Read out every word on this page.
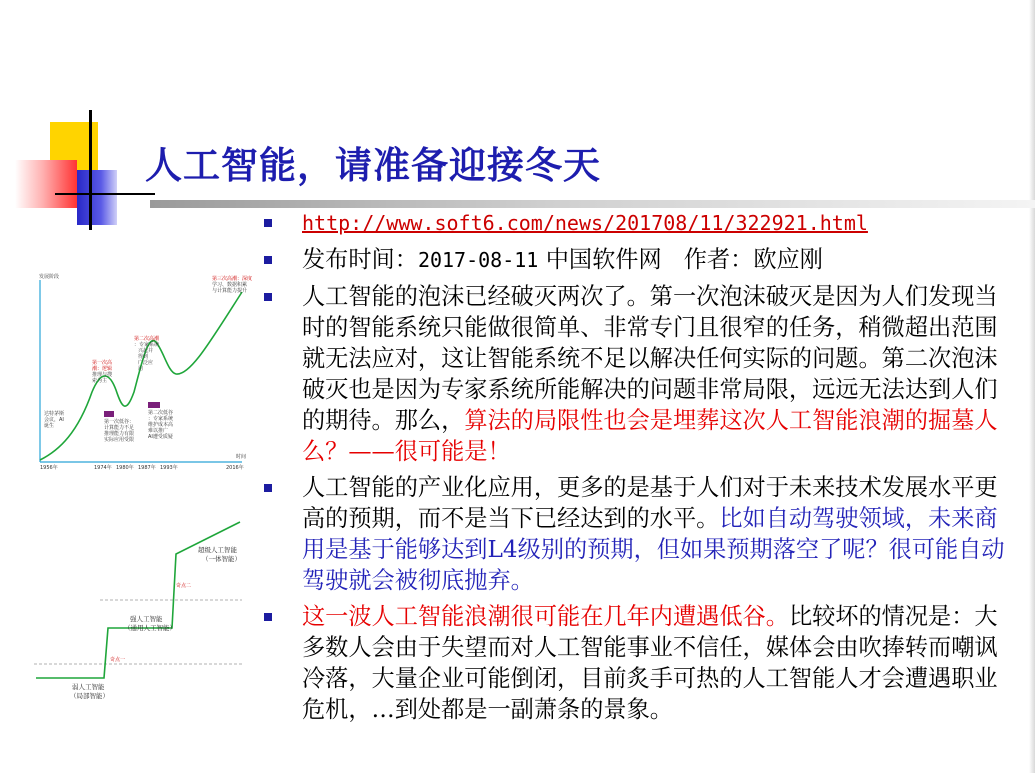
人工智能，请准备迎接冬天
http://www.soft6.com/news/201708/11/322921.html
发布时间：2017-08-11 中国软件网 作者：欧应刚
人工智能的泡沫已经破灭两次了。第一次泡沫破灭是因为人们发现当时的智能系统只能做很简单、非常专门且很窄的任务，稍微超出范围就无法应对，这让智能系统不足以解决任何实际的问题。第二次泡沫破灭也是因为专家系统所能解决的问题非常局限，远远无法达到人们的期待。那么，算法的局限性也会是埋葬这次人工智能浪潮的掘墓人么？——很可能是！
人工智能的产业化应用，更多的是基于人们对于未来技术发展水平更高的预期，而不是当下已经达到的水平。比如自动驾驶领域，未来商用是基于能够达到L4级别的预期，但如果预期落空了呢？很可能自动驾驶就会被彻底抛弃。
这一波人工智能浪潮很可能在几年内遭遇低谷。比较坏的情况是：大多数人会由于失望而对人工智能事业不信任，媒体会由吹捧转而嘲讽冷落，大量企业可能倒闭，目前炙手可热的人工智能人才会遭遇职业危机，…到处都是一副萧条的景象。
发展阶段
时间
1956年	1974年 1980年 1987年 1993年	2016年
达特茅斯
会议，AI
诞生
第一次高
潮：逻辑
推理与搜
索为主
第一次低谷：
计算能力不足
推理能力有限
实际应用受限
第二次高潮
：专家系统
兴起并
得到
广泛应
用
第二次低谷
：专家系统
维护成本高
难以推广
AI遭受质疑
第三次高潮：深度
学习、数据积累
与计算能力提升
奇点一
奇点二
弱人工智能
（局部智能）
强人工智能
（通用人工智能）
超级人工智能
（一体智能）
